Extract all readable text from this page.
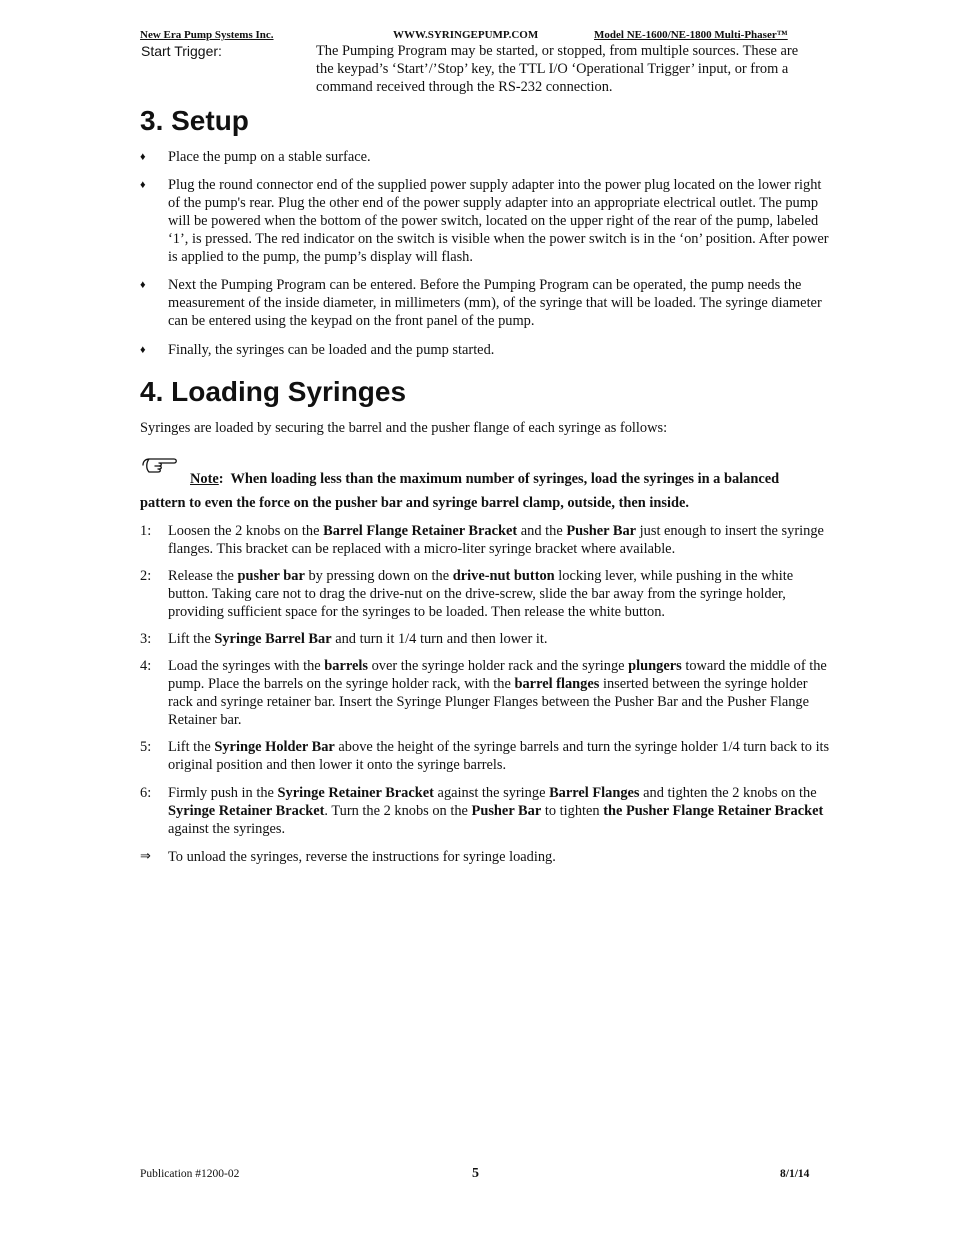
New Era Pump Systems Inc.	WWW.SYRINGEPUMP.COM	Model NE-1600/NE-1800 Multi-Phaser™
Start Trigger:	The Pumping Program may be started, or stopped, from multiple sources. These are the keypad’s ‘Start’/’Stop’ key, the TTL I/O ‘Operational Trigger’ input, or from a command received through the RS-232 connection.
3. Setup
♦ Place the pump on a stable surface.
♦ Plug the round connector end of the supplied power supply adapter into the power plug located on the lower right of the pump's rear. Plug the other end of the power supply adapter into an appropriate electrical outlet. The pump will be powered when the bottom of the power switch, located on the upper right of the rear of the pump, labeled ‘1’, is pressed. The red indicator on the switch is visible when the power switch is in the ‘on’ position. After power is applied to the pump, the pump’s display will flash.
♦ Next the Pumping Program can be entered. Before the Pumping Program can be operated, the pump needs the measurement of the inside diameter, in millimeters (mm), of the syringe that will be loaded. The syringe diameter can be entered using the keypad on the front panel of the pump.
♦ Finally, the syringes can be loaded and the pump started.
4. Loading Syringes
Syringes are loaded by securing the barrel and the pusher flange of each syringe as follows:
Note: When loading less than the maximum number of syringes, load the syringes in a balanced
pattern to even the force on the pusher bar and syringe barrel clamp, outside, then inside.
1: Loosen the 2 knobs on the Barrel Flange Retainer Bracket and the Pusher Bar just enough to insert the syringe flanges. This bracket can be replaced with a micro-liter syringe bracket where available.
2: Release the pusher bar by pressing down on the drive-nut button locking lever, while pushing in the white button. Taking care not to drag the drive-nut on the drive-screw, slide the bar away from the syringe holder, providing sufficient space for the syringes to be loaded. Then release the white button.
3: Lift the Syringe Barrel Bar and turn it 1/4 turn and then lower it.
4: Load the syringes with the barrels over the syringe holder rack and the syringe plungers toward the middle of the pump. Place the barrels on the syringe holder rack, with the barrel flanges inserted between the syringe holder rack and syringe retainer bar. Insert the Syringe Plunger Flanges between the Pusher Bar and the Pusher Flange Retainer bar.
5: Lift the Syringe Holder Bar above the height of the syringe barrels and turn the syringe holder 1/4 turn back to its original position and then lower it onto the syringe barrels.
6: Firmly push in the Syringe Retainer Bracket against the syringe Barrel Flanges and tighten the 2 knobs on the Syringe Retainer Bracket. Turn the 2 knobs on the Pusher Bar to tighten the Pusher Flange Retainer Bracket against the syringes.
⇒ To unload the syringes, reverse the instructions for syringe loading.
Publication #1200-02	5	8/1/14
